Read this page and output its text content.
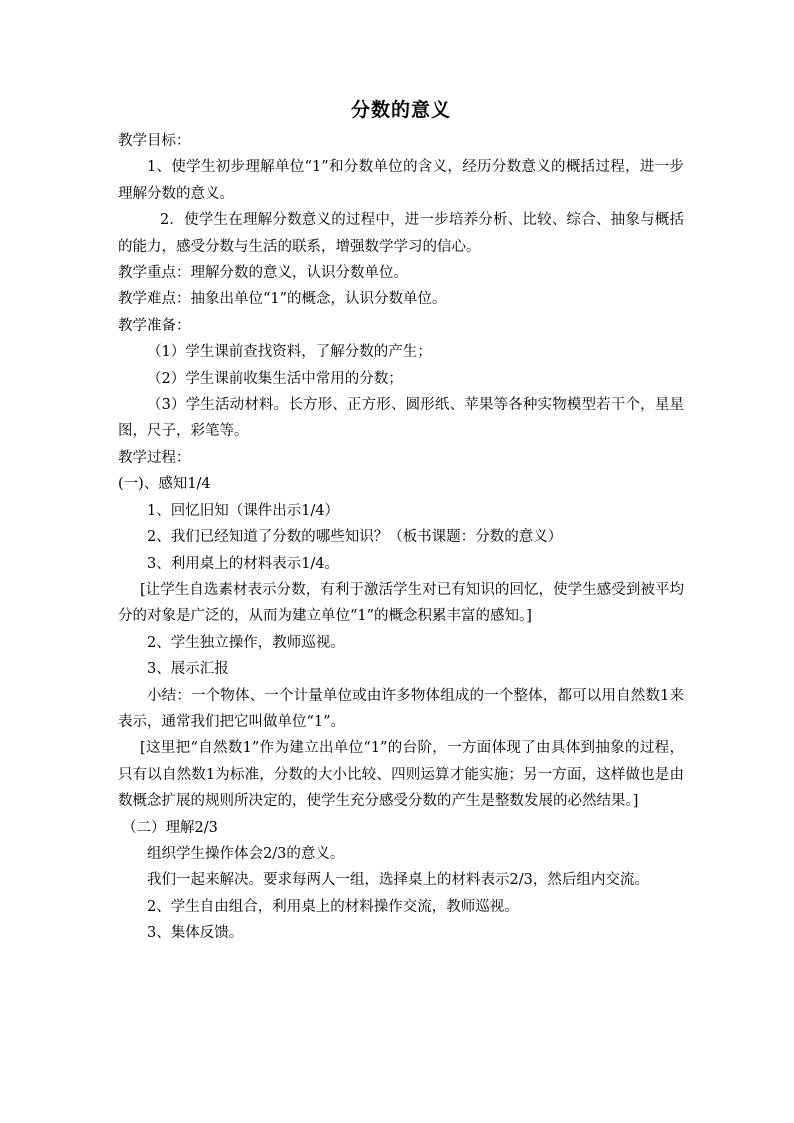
分数的意义

教学目标：

1、使学生初步理解单位“1”和分数单位的含义，经历分数意义的概括过程，进一步理解分数的意义。

2．使学生在理解分数意义的过程中，进一步培养分析、比较、综合、抽象与概括的能力，感受分数与生活的联系，增强数学学习的信心。

教学重点：理解分数的意义，认识分数单位。

教学难点：抽象出单位“1”的概念，认识分数单位。

教学准备：

（1）学生课前查找资料，了解分数的产生；

（2）学生课前收集生活中常用的分数；

（3）学生活动材料。长方形、正方形、圆形纸、苹果等各种实物模型若干个，星星图，尺子，彩笔等。

教学过程：

(一)、感知1/4

1、回忆旧知（课件出示1/4）

2、我们已经知道了分数的哪些知识？（板书课题：分数的意义）

3、利用桌上的材料表示1/4。

[让学生自选素材表示分数，有利于激活学生对已有知识的回忆，使学生感受到被平均分的对象是广泛的，从而为建立单位“1”的概念积累丰富的感知。]

2、学生独立操作，教师巡视。

3、展示汇报

小结：一个物体、一个计量单位或由许多物体组成的一个整体，都可以用自然数1来表示，通常我们把它叫做单位“1”。

[这里把“自然数1”作为建立出单位“1”的台阶，一方面体现了由具体到抽象的过程，只有以自然数1为标准，分数的大小比较、四则运算才能实施；另一方面，这样做也是由数概念扩展的规则所决定的，使学生充分感受分数的产生是整数发展的必然结果。]

（二）理解2/3

组织学生操作体会2/3的意义。

我们一起来解决。要求每两人一组，选择桌上的材料表示2/3，然后组内交流。

2、学生自由组合，利用桌上的材料操作交流，教师巡视。

3、集体反馈。
